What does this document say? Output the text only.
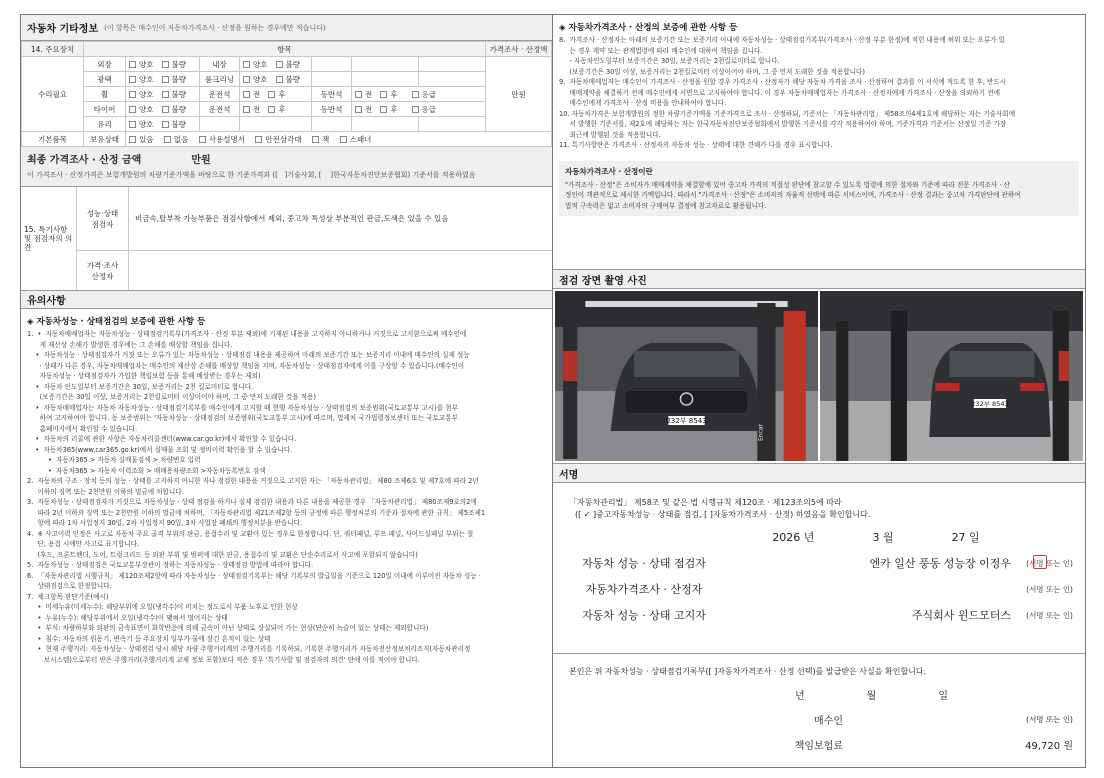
자동차 기타정보 (이 항목은 매수인이 자동차가격조사 · 산정을 원하는 경우에만 적습니다)
14. 주요장치	항목							가격조사 · 산정액
수리필요	외장	양호 불량	내장	양호 불량				만원
	광택	양호 불량	룸크리닝	양호 불량				
	휠	양호 불량	운전석	전 후	동반석	전 후 응급		
	타이어	양호 불량	운전석	전 후	동반석	전 후 응급		
	유리	양호 불량						
기본품목	보유상태	있음 없음 사용설명서 안전삼각대 잭 스패너						
최종 가격조사 · 산정 금액	만원
이 가격조사 · 산정가격은 보험개발원의 차량기준가액을 바탕으로 한 기준가격과 ([ ]기술사회, [ ]한국자동차진단보증협회) 기준서를 적용하였음
15. 특기사항 및 점검자의 의견
성능·상태 점검자
비금속,탈부착 가능부품은 점검사항에서 제외, 중고차 특성상 부분적인 판금,도색은 있을 수 있음
가격·조사 산정자
유의사항
◈ 자동차성능 · 상태점검의 보증에 관한 사항 등

1.  •  자동차매매업자는 자동차성능 · 상태점검기록부(가격조사 · 산정 부분 제외)에 기재된 내용을 고지하지 아니하거나 거짓으로 고지함으로써 매수인에

게 재산상 손해가 발생한 경우에는 그 손해를 배상할 책임을 집니다.

•  자동차성능 · 상태점검자가 거짓 또는 오류가 있는 자동차성능 · 상태점검 내용을 제공하여 아래의 보증기간 또는 보증거리 이내에 매수인의 실제 성능

· 상태가 다른 경우, 자동차매매업자는 매수인의 재산상 손해를 배상할 책임을 지며, 자동차성능 · 상태점검자에게 이를 구상할 수 있습니다.(매수인이

자동차성능 · 상태점검자가 가입한 책임보험 등을 통해 배상받는 경우는 제외)

•  자동차 인도일부터 보증기간은 30일, 보증거리는 2천 킬로미터로 합니다.

(보증기간은 30일 이상, 보증거리는 2천킬로미터 이상이어야 하며, 그 중 먼저 도래한 것을 적용)

•  자동차매매업자는 자동차 자동차성능 · 상태점검기록부를 매수인에게 고지할 때 현행 자동차성능 · 상태점검의 보증범위(국토교통부 고시)를 첨부

하여 고지하여야 합니다. 동 보증범위는 '자동차성능 · 상태점검의 보증범위(국토교통부 고시)에 따르며, 법제처 국가법령정보센터 또는 국토교통부

홈페이지에서 확인할 수 있습니다.

•  자동차의 리콜에 관한 사항은 자동차리콜센터(www.car.go.kr)에서 확인할 수 있습니다.

•  자동차365(www.car365.go.kr)에서 실매물 조회 및 정비이력 확인을 할 수 있습니다.

•  자동차365 > 자동차 실매물검색 > 차량번호 입력

•  자동차365 > 자동차 이력조회 > 매매용차량조회 >자동차등록번호 검색

2.  자동차의 구조 · 장치 등의 성능 · 상태를 고지하지 아니한 자나 점검한 내용을 거짓으로 고지한 자는 「자동차관리법」 제80 조제6호 및 제7호에 따라 2년

이하의 징역 또는 2천만원 이하의 벌금에 처합니다.

3.  자동차성능 · 상태점검자가 거짓으로 자동차성능 · 상태 점검을 하거나 실제 점검한 내용과 다른 내용을 제공한 경우 「자동차관리법」 제80조제9호의2에

따라 2년 이하의 징역 또는 2천만원 이하의 벌금에 처하며, 「자동차관리법 제21조제2항 등의 규정에 따른 행정처분의 기준과 절차에 관한 규칙」 제5조제1

항에 따라 1차 사업정지 30일, 2차 사업정지 90일, 3차 사업장 폐쇄의 행정처분을 받습니다.

4.  ※ 사고이력 인정은 사고로 자동차 주요 골격 부위의 판금, 용접수리 및 교환이 있는 경우로 한정합니다. 단, 쿼터패널, 루프 패널, 사이드실패널 부위는 절

단, 용접 시에만 사고로 표기합니다.

(후드, 프론트펜더, 도어, 트렁크리드 등 외판 부위 및 범퍼에 대한 판금, 용접수리 및 교환은 단순수리로서 사고에 포함되지 않습니다)

5.  자동차성능 · 상태점검은 국토교통부장관이 정하는 자동차성능 · 상태점검 방법에 따라야 합니다.

6.  「자동차관리법 시행규칙」 제120조제2항에 따라 자동차성능 · 상태점검기록부는 해당 기록부의 발급일을 기준으로 120일 이내에 이루어진 자동차 성능 ·

상태점검으로 한정합니다.

7.  체크항목 판단기준(예시)

•  미세누유(미세누수): 해당부위에 오일(냉각수)이 비치는 정도로서 부품 노후로 인한 현상

•  누유(누수): 해당부위에서 오일(냉각수)이 맺혀서 떨어지는 상태

•  부식: 차량하부와 외판의 금속표면이 화학반응에 의해 금속이 아닌 상태로 상실되어 가는 현상(단순히 녹슬어 있는 상태는 제외합니다)

•  침수: 자동차의 원동기, 변속기 등 주요장치 일부가 물에 잠긴 흔적이 있는 상태

•  현재 주행거리: 자동차성능 · 상태점검 당시 해당 차량 주행거리계의 주행거리를 기록하되, 기록한 주행거리가 자동차전산정보처리조직(자동차관리정

보시스템)으로부터 받은 주행거리(주행거리계 교체 정보 포함)보다 적은 경우 '특기사항 및 점검자의 의견' 란에 이를 적어야 합니다.

◈ 자동차가격조사 · 산정의 보증에 관한 사항 등

8.  가격조사 · 산정자는 아래의 보증기간 또는 보증거리 이내에 자동차성능 · 상태점검기록부(가격조사 · 산정 부분 한정)에 적힌 내용에 허위 또는 오류가 있

는 경우 계약 또는 관계법령에 따라 매수인에 대하여 책임을 집니다.

- 자동차인도일부터 보증기간은 30일, 보증거리는 2천킬로미터로 합니다.

(보증기간은 30일 이상, 보증거리는 2천킬로미터 이상이어야 하며, 그 중 먼저 도래한 것을 적용합니다)

9.  자동차매매업자는 매수인이 가격조사 · 산정을 원할 경우 가격조사 · 산정자가 해당 자동차 가격을 조사 · 산정하여 결과를 이 서식에 적도록 한 후, 반드시

매매계약을 체결하기 전에 매수인에게 서면으로 고지하여야 합니다. 이 경우 자동차매매업자는 가격조사 · 산정자에게 가격조사 · 산정을 의뢰하기 전에

매수인에게 가격조사 · 산정 비용을 안내하여야 합니다.

10. 자동차가격은 보험개발원의 정한 차량기준가액을 기준가격으로 조사 · 산정하되, 기준서는 「자동차관리법」 제58조의4제1호에 해당하는 자는 기술사회에

서 발행한 기준서를, 제2호에 해당하는 자는 한국자동차진단보증협회에서 발행한 기준서를 각각 적용하여야 하며, 기준가격과 기준서는 산정일 기준 가장

최근에 발행된 것을 적용합니다.

11. 특기사항란은 가격조사 · 산정자의 자동차 성능 · 상태에 대한 견해가 다를 경우 표시합니다.

자동차가격조사 · 산정이란

"가격조사 · 산정"은 소비자가 매매계약을 체결함에 있어 중고차 가격의 적절성 판단에 참고할 수 있도록 법령에 의한 절차와 기준에 따라 전문 가격조사 · 산

정인이 객관적으로 제시한 가액입니다. 따라서 "가격조사 · 산정"은 소비자의 자율적 선택에 따른 서비스이며, 가격조사 · 산정 결과는 중고차 가격판단에 관하여

법적 구속력은 없고 소비자의 구매여부 결정에 참고자료로 활용됩니다.

점검 장면 촬영 사진
232부 8543
Encar
232부 8543
서명
「자동차관리법」 제58조 및 같은 법 시행규칙 제120조 · 제123조의5에 따라
([ ✓ ]중고자동차성능 · 상태를 점검, [ ]자동차가격조사 · 산정) 하였음을 확인합니다.
2026 년	3 월	27 일
자동차 성능 · 상태 점검자	엔카 일산 풍동 성능장 이정우	(서명 또는 인)
자동차가격조사 · 산정자	(서명 또는 인)
자동차 성능 · 상태 고지자	주식회사 윈드모터스	(서명 또는 인)
본인은 위 자동차성능 · 상태점검기록부([ ]자동차가격조사 · 산정 선택)를 발급받은 사실을 확인합니다.
년	월	일
매수인	(서명 또는 인)
책임보험료	49,720 원
